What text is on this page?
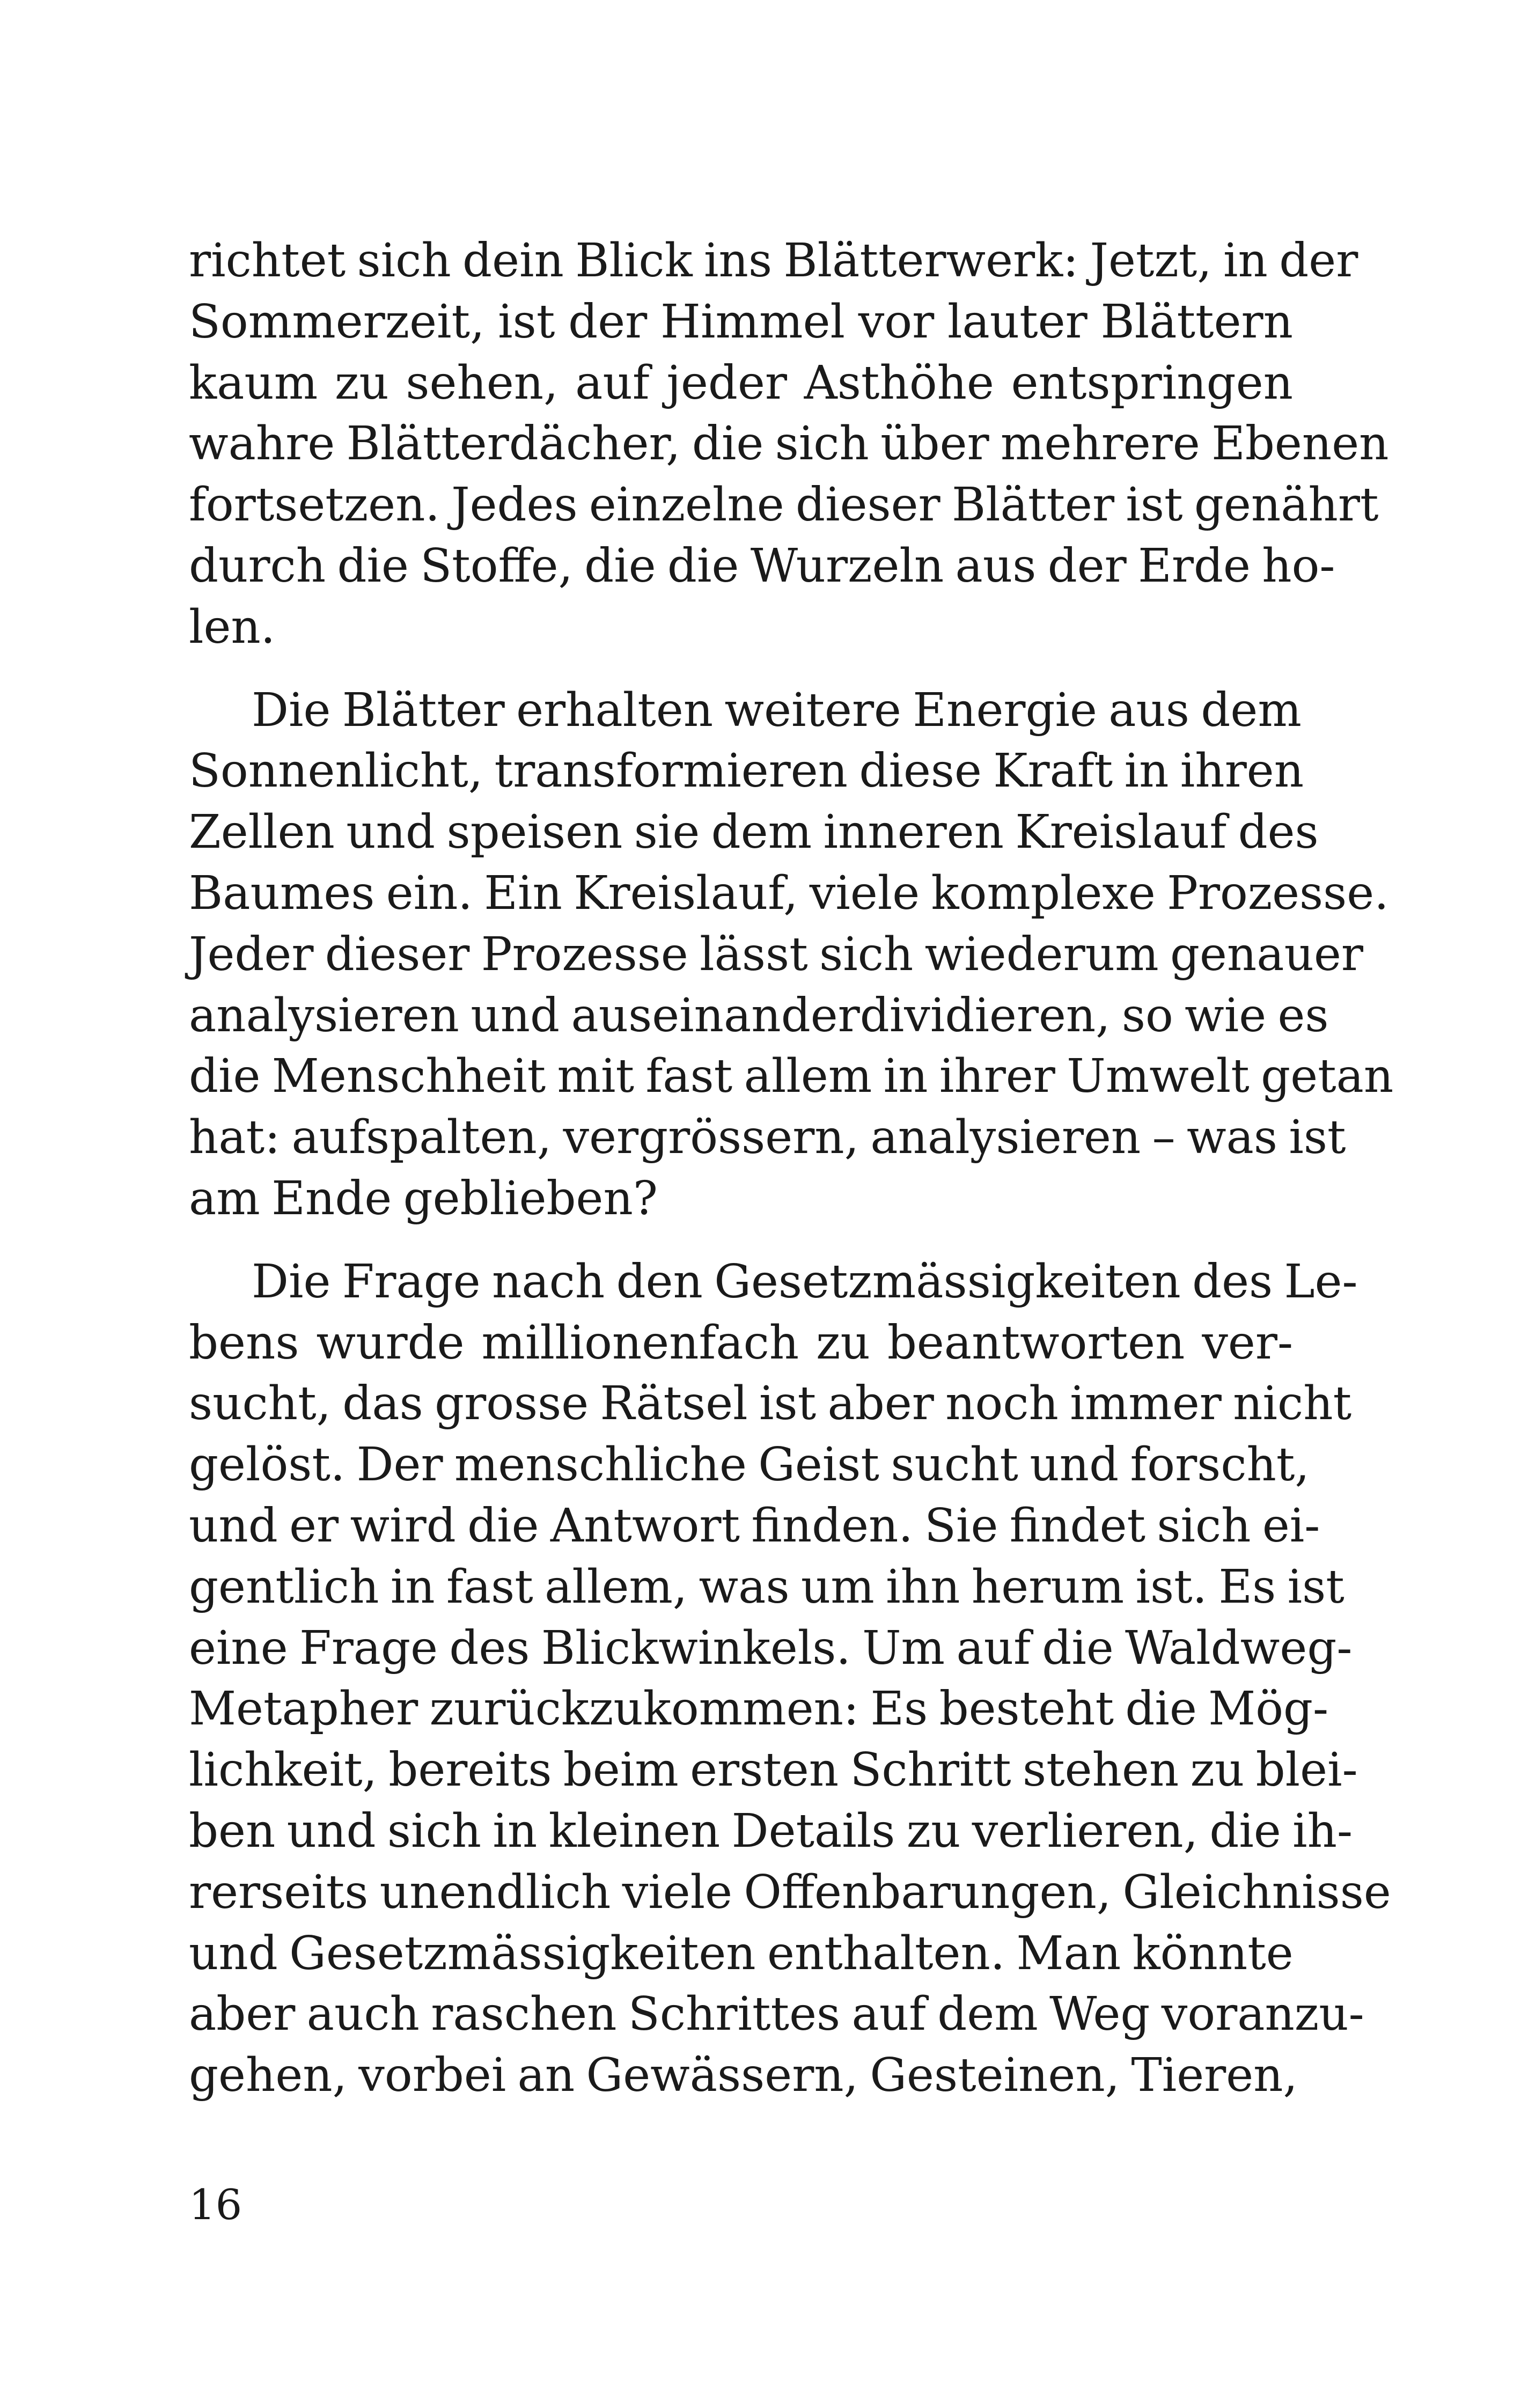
richtet sich dein Blick ins Blätterwerk: Jetzt, in der
Sommerzeit, ist der Himmel vor lauter Blättern
kaum zu sehen, auf jeder Asthöhe entspringen
wahre Blätterdächer, die sich über mehrere Ebenen
fortsetzen. Jedes einzelne dieser Blätter ist genährt
durch die Stoffe, die die Wurzeln aus der Erde ho-
len.

Die Blätter erhalten weitere Energie aus dem
Sonnenlicht, transformieren diese Kraft in ihren
Zellen und speisen sie dem inneren Kreislauf des
Baumes ein. Ein Kreislauf, viele komplexe Prozesse.
Jeder dieser Prozesse lässt sich wiederum genauer
analysieren und auseinanderdividieren, so wie es
die Menschheit mit fast allem in ihrer Umwelt getan
hat: aufspalten, vergrössern, analysieren – was ist
am Ende geblieben?

Die Frage nach den Gesetzmässigkeiten des Le-
bens wurde millionenfach zu beantworten ver-
sucht, das grosse Rätsel ist aber noch immer nicht
gelöst. Der menschliche Geist sucht und forscht,
und er wird die Antwort finden. Sie findet sich ei-
gentlich in fast allem, was um ihn herum ist. Es ist
eine Frage des Blickwinkels. Um auf die Waldweg-
Metapher zurückzukommen: Es besteht die Mög-
lichkeit, bereits beim ersten Schritt stehen zu blei-
ben und sich in kleinen Details zu verlieren, die ih-
rerseits unendlich viele Offenbarungen, Gleichnisse
und Gesetzmässigkeiten enthalten. Man könnte
aber auch raschen Schrittes auf dem Weg voranzu-
gehen, vorbei an Gewässern, Gesteinen, Tieren,

16
